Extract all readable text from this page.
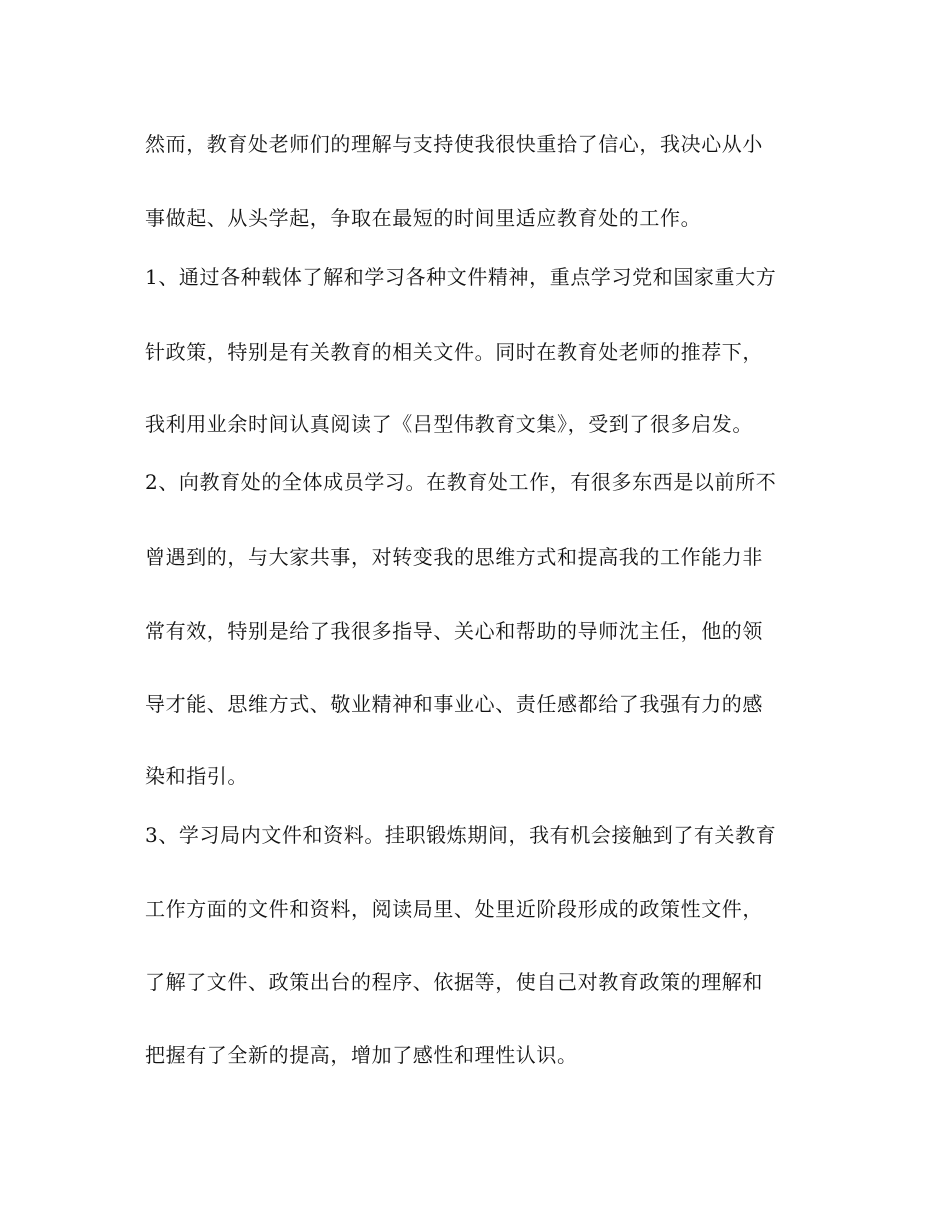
然而，教育处老师们的理解与支持使我很快重拾了信心，我决心从小

事做起、从头学起，争取在最短的时间里适应教育处的工作。

1、通过各种载体了解和学习各种文件精神，重点学习党和国家重大方

针政策，特别是有关教育的相关文件。同时在教育处老师的推荐下，

我利用业余时间认真阅读了《吕型伟教育文集》，受到了很多启发。

2、向教育处的全体成员学习。在教育处工作，有很多东西是以前所不

曾遇到的，与大家共事，对转变我的思维方式和提高我的工作能力非

常有效，特别是给了我很多指导、关心和帮助的导师沈主任，他的领

导才能、思维方式、敬业精神和事业心、责任感都给了我强有力的感

染和指引。

3、学习局内文件和资料。挂职锻炼期间，我有机会接触到了有关教育

工作方面的文件和资料，阅读局里、处里近阶段形成的政策性文件，

了解了文件、政策出台的程序、依据等，使自己对教育政策的理解和

把握有了全新的提高，增加了感性和理性认识。
